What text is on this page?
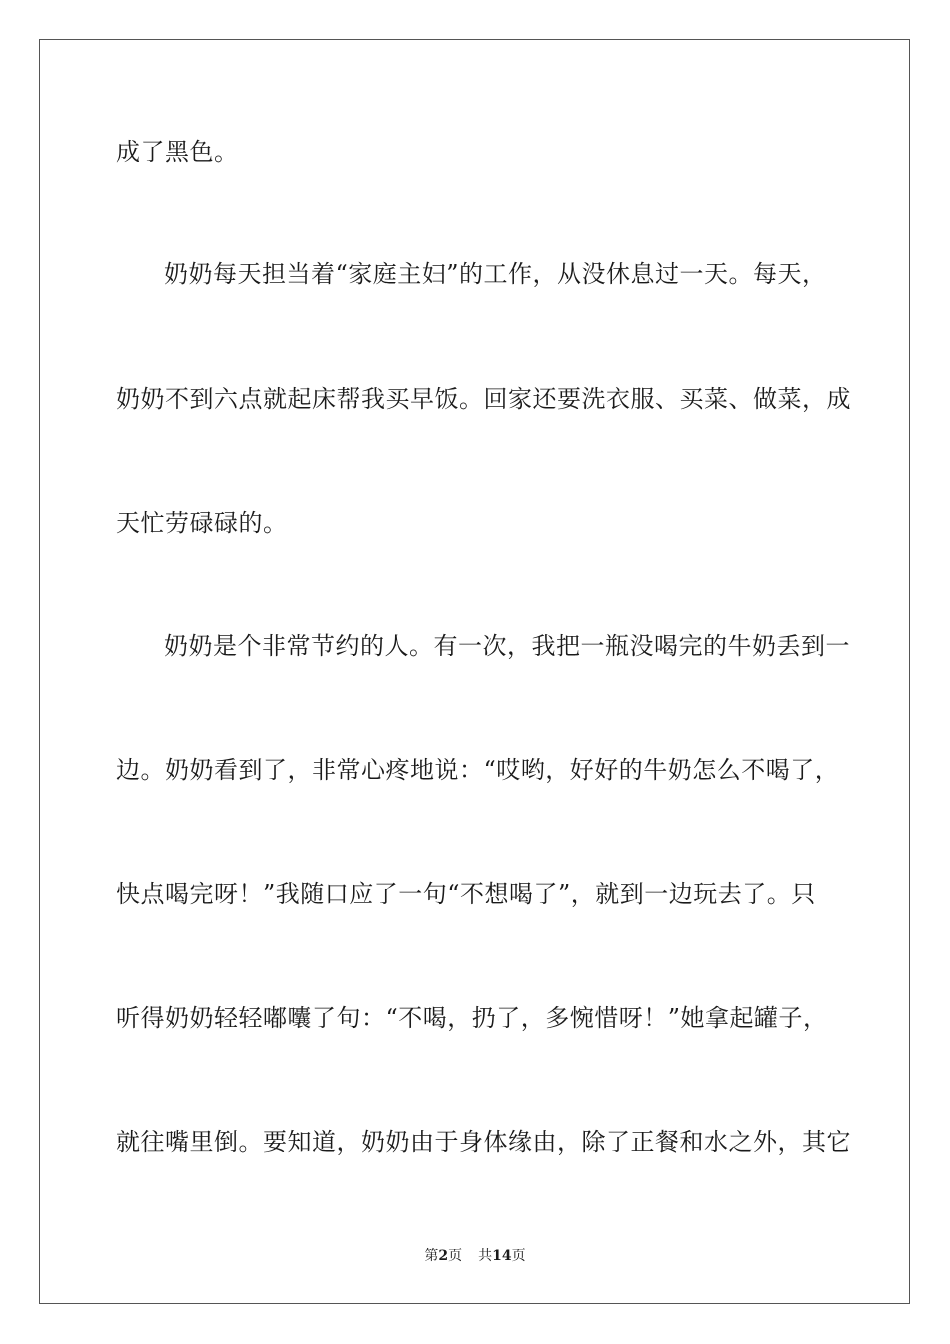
成了黑色。
奶奶每天担当着“家庭主妇”的工作，从没休息过一天。每天，
奶奶不到六点就起床帮我买早饭。回家还要洗衣服、买菜、做菜，成
天忙劳碌碌的。
奶奶是个非常节约的人。有一次，我把一瓶没喝完的牛奶丢到一
边。奶奶看到了，非常心疼地说：“哎哟，好好的牛奶怎么不喝了，
快点喝完呀！”我随口应了一句“不想喝了”，就到一边玩去了。只
听得奶奶轻轻嘟囔了句：“不喝，扔了，多惋惜呀！”她拿起罐子，
就往嘴里倒。要知道，奶奶由于身体缘由，除了正餐和水之外，其它
第2页 共14页
